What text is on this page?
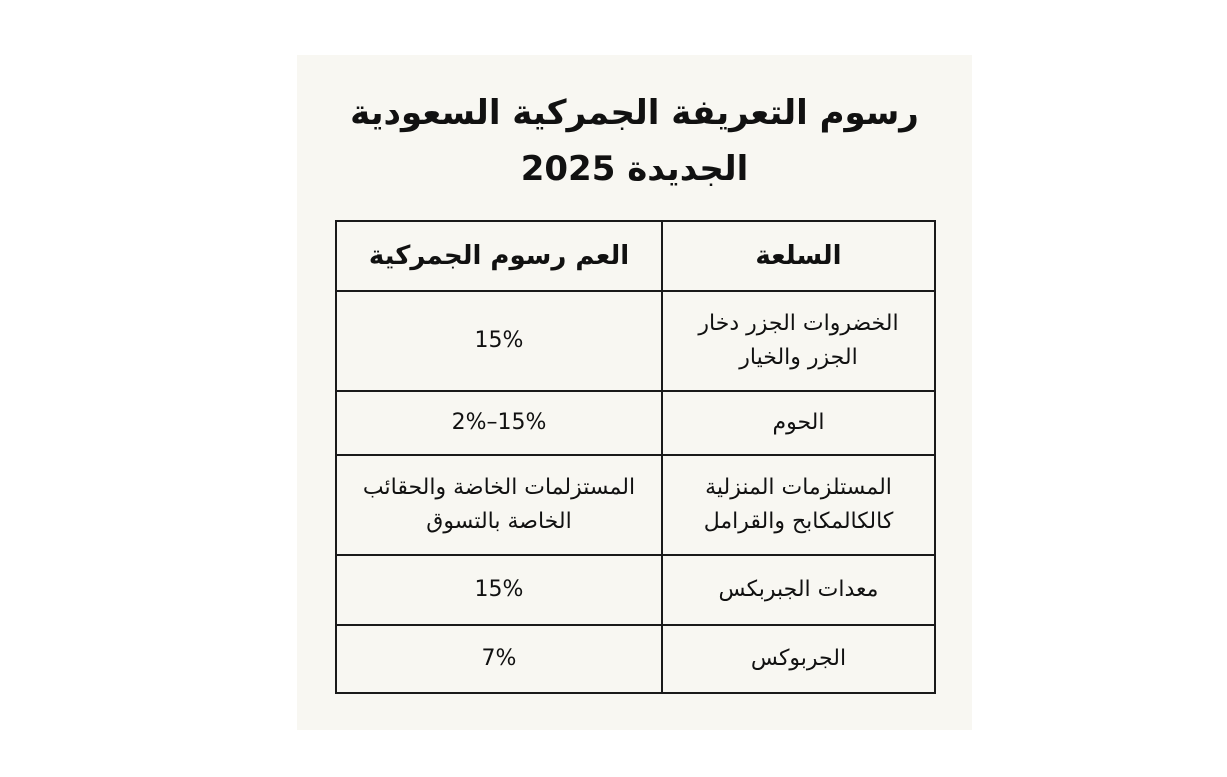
رسوم التعريفة الجمركية السعودية
الجديدة 2025
السلعة	العم رسوم الجمركية
الخضروات الجزر دخار الجزر والخيار	15%
الحوم	2%–15%
المستلزمات المنزلية كالكالمكابح والقرامل	المستزلمات الخاضة والحقائب الخاصة بالتسوق
معدات الجبربكس	15%
الجربوكس	7%
